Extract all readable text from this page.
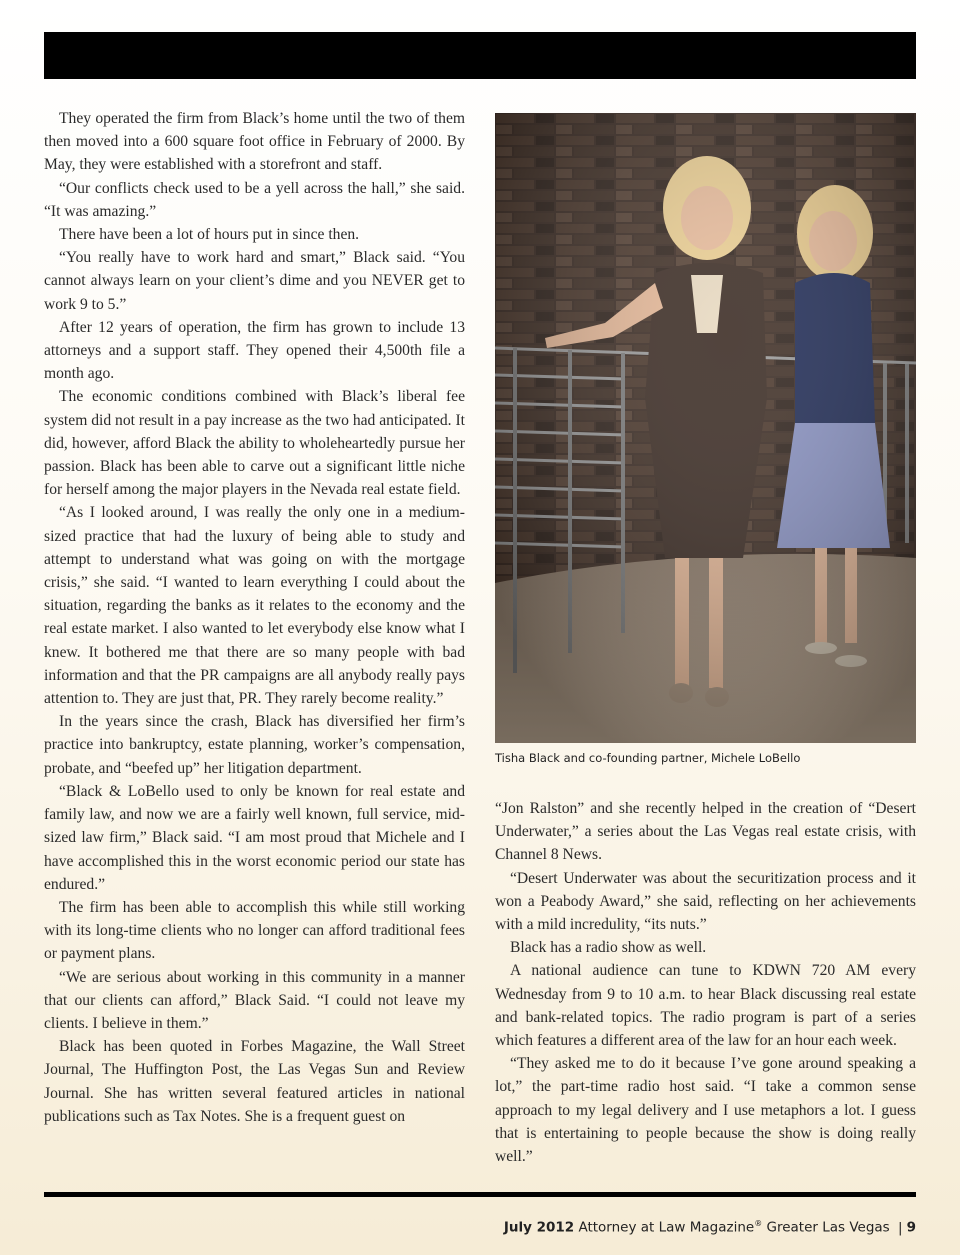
They operated the firm from Black’s home until the two of them then moved into a 600 square foot office in February of 2000. By May, they were established with a storefront and staff.

“Our conflicts check used to be a yell across the hall,” she said. “It was amazing.”

There have been a lot of hours put in since then.

“You really have to work hard and smart,” Black said. “You cannot always learn on your client’s dime and you NEVER get to work 9 to 5.”

After 12 years of operation, the firm has grown to include 13 attorneys and a support staff. They opened their 4,500th file a month ago.

The economic conditions combined with Black’s liberal fee system did not result in a pay increase as the two had anticipated. It did, however, afford Black the ability to wholeheartedly pursue her passion. Black has been able to carve out a significant little niche for herself among the major players in the Nevada real estate field.

“As I looked around, I was really the only one in a medium-sized practice that had the luxury of being able to study and attempt to understand what was going on with the mortgage crisis,” she said. “I wanted to learn everything I could about the situation, regarding the banks as it relates to the economy and the real estate market. I also wanted to let everybody else know what I knew. It bothered me that there are so many people with bad information and that the PR campaigns are all anybody really pays attention to. They are just that, PR. They rarely become reality.”

In the years since the crash, Black has diversified her firm’s practice into bankruptcy, estate planning, worker’s compensation, probate, and “beefed up” her litigation department.

“Black & LoBello used to only be known for real estate and family law, and now we are a fairly well known, full service, mid-sized law firm,” Black said. “I am most proud that Michele and I have accomplished this in the worst economic period our state has endured.”

The firm has been able to accomplish this while still working with its long-time clients who no longer can afford traditional fees or payment plans.

“We are serious about working in this community in a manner that our clients can afford,” Black Said. “I could not leave my clients. I believe in them.”

Black has been quoted in Forbes Magazine, the Wall Street Journal, The Huffington Post, the Las Vegas Sun and Review Journal. She has written several featured articles in national publications such as Tax Notes. She is a frequent guest on

Tisha Black and co-founding partner, Michele LoBello

“Jon Ralston” and she recently helped in the creation of “Desert Underwater,” a series about the Las Vegas real estate crisis, with Channel 8 News.

“Desert Underwater was about the securitization process and it won a Peabody Award,” she said, reflecting on her achievements with a mild incredulity, “its nuts.”

Black has a radio show as well.

A national audience can tune to KDWN 720 AM every Wednesday from 9 to 10 a.m. to hear Black discussing real estate and bank-related topics. The radio program is part of a series which features a different area of the law for an hour each week.

“They asked me to do it because I’ve gone around speaking a lot,” the part-time radio host said. “I take a common sense approach to my legal delivery and I use metaphors a lot. I guess that is entertaining to people because the show is doing really well.”

July 2012 Attorney at Law Magazine® Greater Las Vegas | 9
